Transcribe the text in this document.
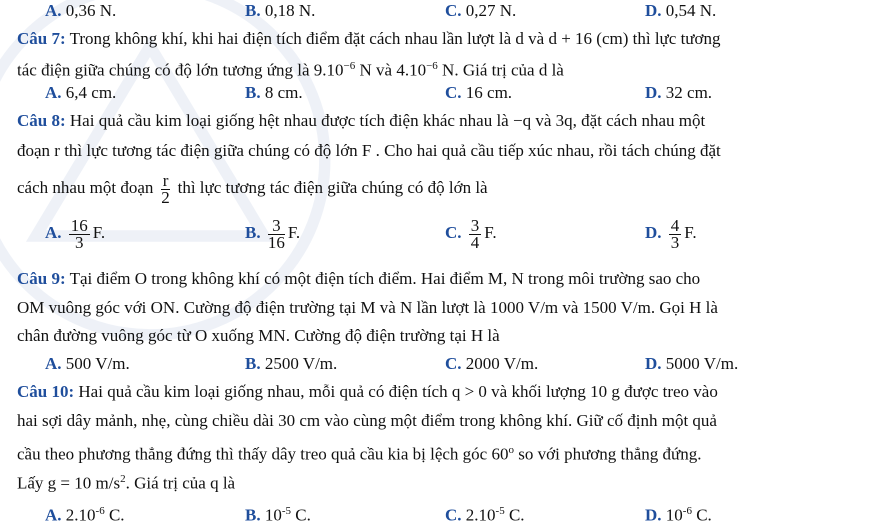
A. 0,36 N.	B. 0,18 N.	C. 0,27 N.	D. 0,54 N.
Câu 7: Trong không khí, khi hai điện tích điểm đặt cách nhau lần lượt là d và d + 16 (cm) thì lực tương
tác điện giữa chúng có độ lớn tương ứng là $9.10^{-6}$ N và $4.10^{-6}$ N. Giá trị của d là
A. 6,4 cm.	B. 8 cm.	C. 16 cm.	D. 32 cm.
Câu 8: Hai quả cầu kim loại giống hệt nhau được tích điện khác nhau là −q và 3q, đặt cách nhau một
đoạn r thì lực tương tác điện giữa chúng có độ lớn F . Cho hai quả cầu tiếp xúc nhau, rồi tách chúng đặt
cách nhau một đoạn $\frac{r}{2}$ thì lực tương tác điện giữa chúng có độ lớn là
A. $\frac{16}{3} F$.	B. $\frac{3}{16} F$.	C. $\frac{3}{4} F$.	D. $\frac{4}{3} F$.
Câu 9: Tại điểm O trong không khí có một điện tích điểm. Hai điểm M, N trong môi trường sao cho
OM vuông góc với ON. Cường độ điện trường tại M và N lần lượt là 1000 V/m và 1500 V/m. Gọi H là
chân đường vuông góc từ O xuống MN. Cường độ điện trường tại H là
A. 500 V/m.	B. 2500 V/m.	C. 2000 V/m.	D. 5000 V/m.
Câu 10: Hai quả cầu kim loại giống nhau, mỗi quả có điện tích q > 0 và khối lượng 10 g được treo vào
hai sợi dây mảnh, nhẹ, cùng chiều dài 30 cm vào cùng một điểm trong không khí. Giữ cố định một quả
cầu theo phương thẳng đứng thì thấy dây treo quả cầu kia bị lệch góc 60$^o$ so với phương thẳng đứng.
Lấy g = 10 $m/s^2$. Giá trị của q là
A. $2.10^{-6}$ C.	B. $10^{-5}$ C.	C. $2.10^{-5}$ C.	D. $10^{-6}$ C.
